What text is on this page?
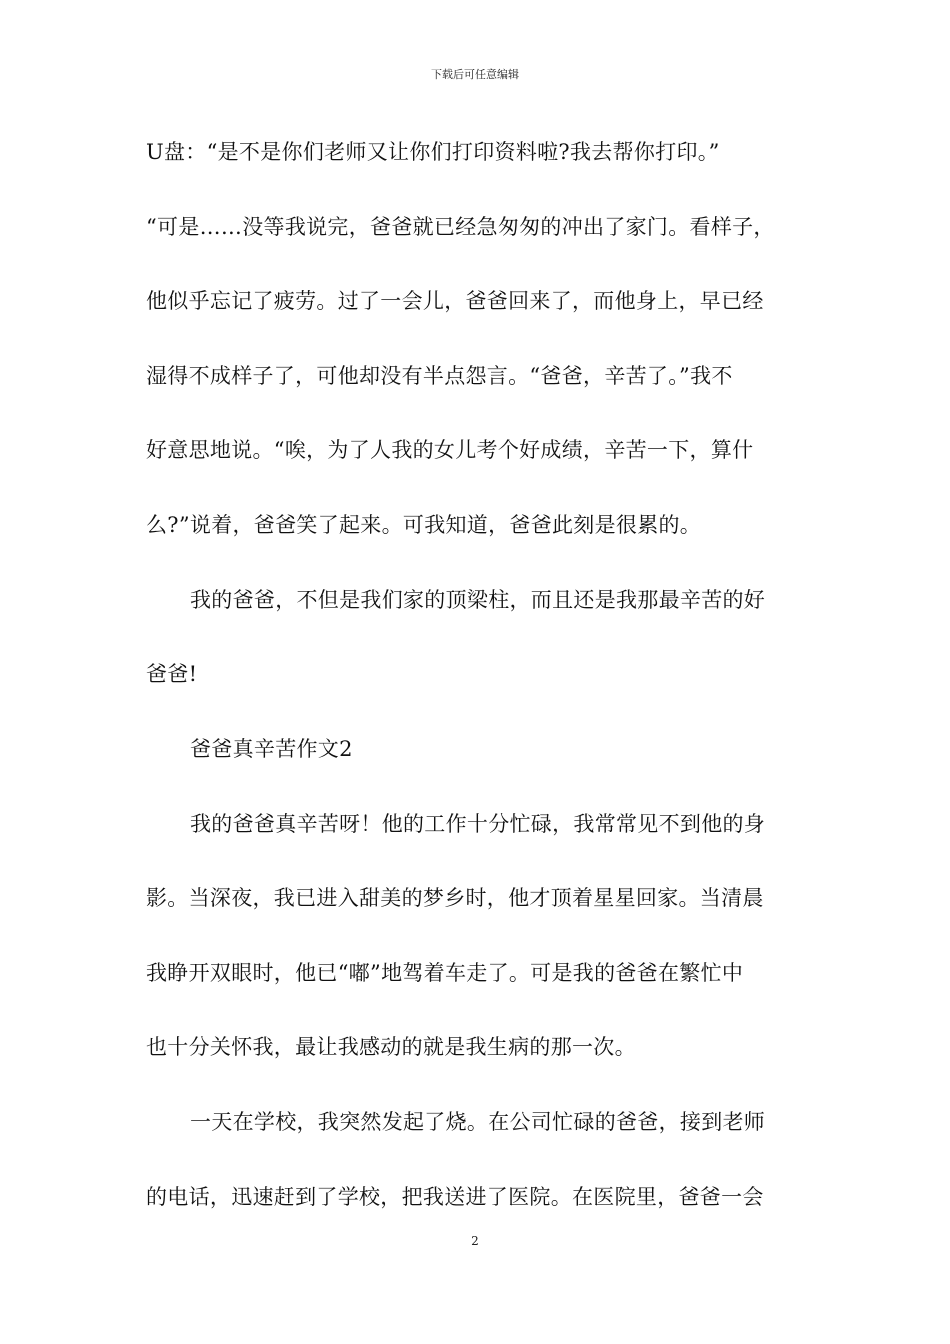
下载后可任意编辑
U盘：“是不是你们老师又让你们打印资料啦?我去帮你打印。”
“可是……没等我说完，爸爸就已经急匆匆的冲出了家门。看样子，
他似乎忘记了疲劳。过了一会儿，爸爸回来了，而他身上，早已经
湿得不成样子了，可他却没有半点怨言。“爸爸，辛苦了。”我不
好意思地说。“唉，为了人我的女儿考个好成绩，辛苦一下，算什
么?”说着，爸爸笑了起来。可我知道，爸爸此刻是很累的。
我的爸爸，不但是我们家的顶梁柱，而且还是我那最辛苦的好
爸爸!
爸爸真辛苦作文2
我的爸爸真辛苦呀！他的工作十分忙碌，我常常见不到他的身
影。当深夜，我已进入甜美的梦乡时，他才顶着星星回家。当清晨
我睁开双眼时，他已“嘟”地驾着车走了。可是我的爸爸在繁忙中
也十分关怀我，最让我感动的就是我生病的那一次。
一天在学校，我突然发起了烧。在公司忙碌的爸爸，接到老师
的电话，迅速赶到了学校，把我送进了医院。在医院里，爸爸一会
2
